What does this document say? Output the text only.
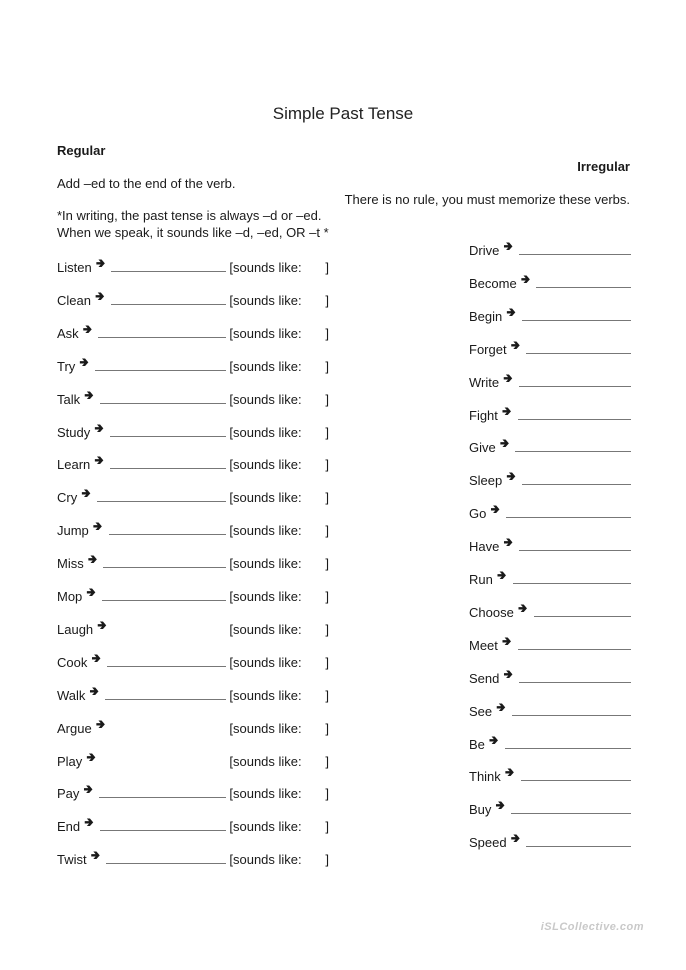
Simple Past Tense
Regular
Add –ed to the end of the verb.
*In writing, the past tense is always –d or –ed.
When we speak, it sounds like –d, –ed, OR –t *
Irregular
There is no rule, you must memorize these verbs.
Listen 🢂	[sounds like:	]
Clean 🢂	[sounds like:	]
Ask 🢂	[sounds like:	]
Try 🢂	[sounds like:	]
Talk 🢂	[sounds like:	]
Study 🢂	[sounds like:	]
Learn 🢂	[sounds like:	]
Cry 🢂	[sounds like:	]
Jump 🢂	[sounds like:	]
Miss 🢂	[sounds like:	]
Mop 🢂	[sounds like:	]
Laugh 🢂	[sounds like:	]
Cook 🢂	[sounds like:	]
Walk 🢂	[sounds like:	]
Argue 🢂	[sounds like:	]
Play 🢂	[sounds like:	]
Pay 🢂	[sounds like:	]
End 🢂	[sounds like:	]
Twist 🢂	[sounds like:	]
Drive 🢂
Become 🢂
Begin 🢂
Forget 🢂
Write 🢂
Fight 🢂
Give 🢂
Sleep 🢂
Go 🢂
Have 🢂
Run 🢂
Choose 🢂
Meet 🢂
Send 🢂
See 🢂
Be 🢂
Think 🢂
Buy 🢂
Speed 🢂
iSLCollective.com
